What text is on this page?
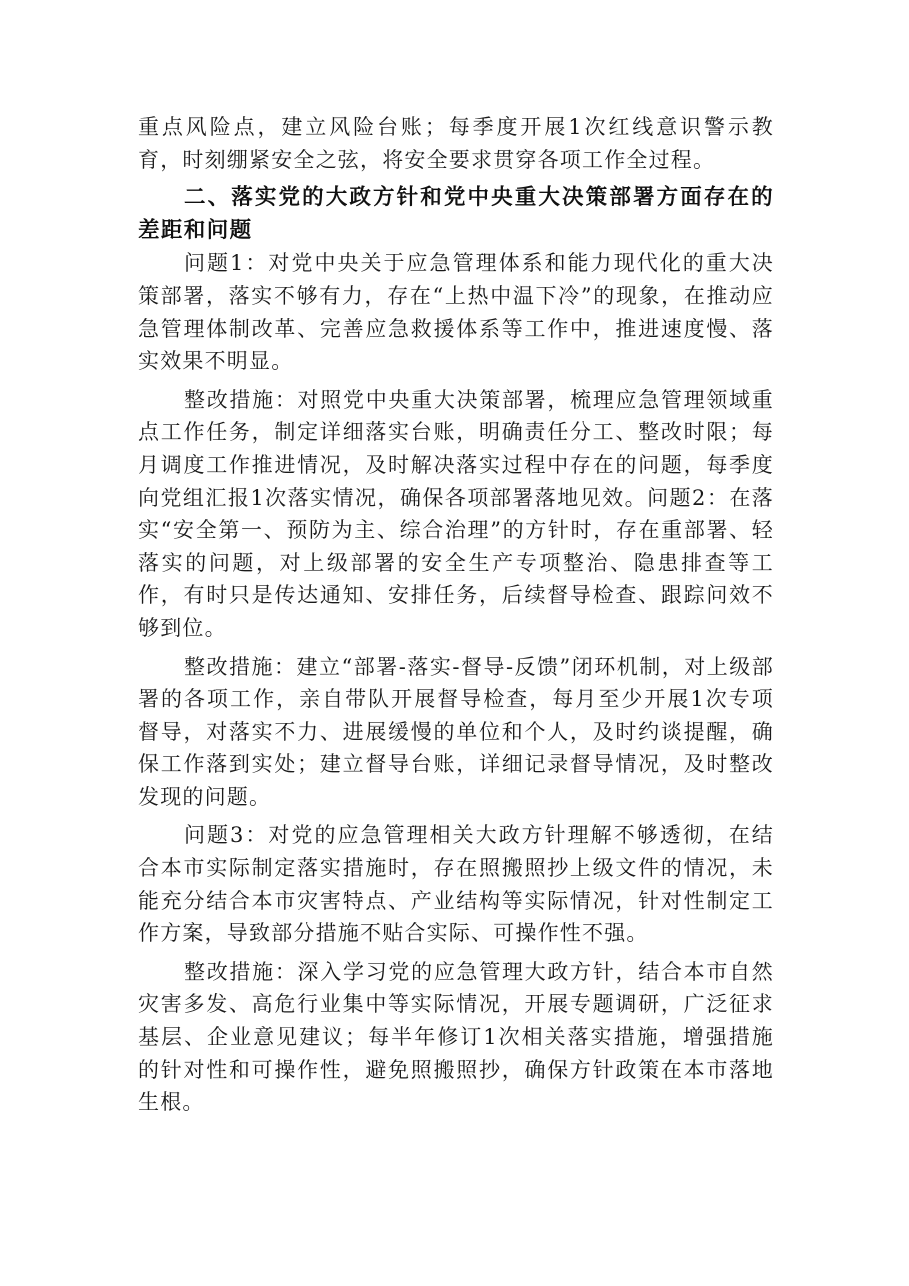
重点风险点，建立风险台账；每季度开展1次红线意识警示教育，时刻绷紧安全之弦，将安全要求贯穿各项工作全过程。

二、落实党的大政方针和党中央重大决策部署方面存在的差距和问题

问题1：对党中央关于应急管理体系和能力现代化的重大决策部署，落实不够有力，存在“上热中温下冷”的现象，在推动应急管理体制改革、完善应急救援体系等工作中，推进速度慢、落实效果不明显。

整改措施：对照党中央重大决策部署，梳理应急管理领域重点工作任务，制定详细落实台账，明确责任分工、整改时限；每月调度工作推进情况，及时解决落实过程中存在的问题，每季度向党组汇报1次落实情况，确保各项部署落地见效。问题2：在落实“安全第一、预防为主、综合治理”的方针时，存在重部署、轻落实的问题，对上级部署的安全生产专项整治、隐患排查等工作，有时只是传达通知、安排任务，后续督导检查、跟踪问效不够到位。

整改措施：建立“部署-落实-督导-反馈”闭环机制，对上级部署的各项工作，亲自带队开展督导检查，每月至少开展1次专项督导，对落实不力、进展缓慢的单位和个人，及时约谈提醒，确保工作落到实处；建立督导台账，详细记录督导情况，及时整改发现的问题。

问题3：对党的应急管理相关大政方针理解不够透彻，在结合本市实际制定落实措施时，存在照搬照抄上级文件的情况，未能充分结合本市灾害特点、产业结构等实际情况，针对性制定工作方案，导致部分措施不贴合实际、可操作性不强。

整改措施：深入学习党的应急管理大政方针，结合本市自然灾害多发、高危行业集中等实际情况，开展专题调研，广泛征求基层、企业意见建议；每半年修订1次相关落实措施，增强措施的针对性和可操作性，避免照搬照抄，确保方针政策在本市落地生根。
